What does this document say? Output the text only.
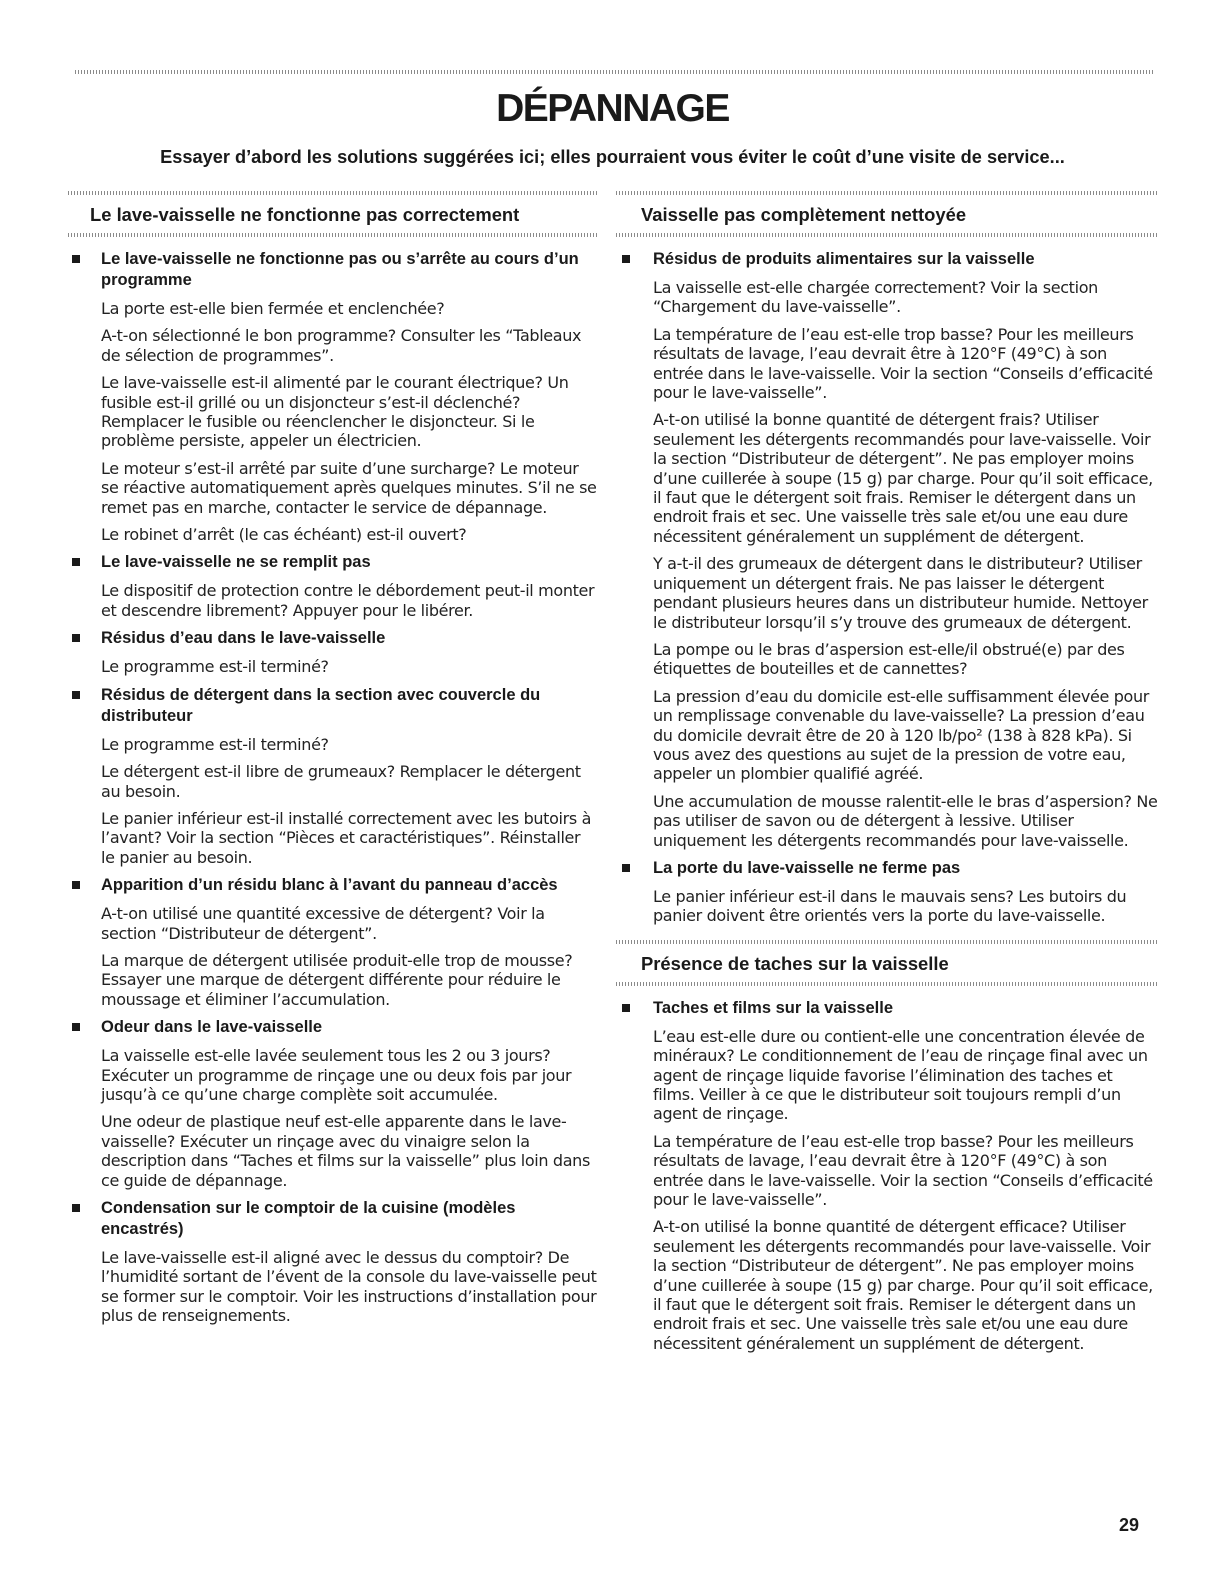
DÉPANNAGE
Essayer d’abord les solutions suggérées ici; elles pourraient vous éviter le coût d’une visite de service...
Le lave-vaisselle ne fonctionne pas correctement
Le lave-vaisselle ne fonctionne pas ou s’arrête au cours d’un programme

La porte est-elle bien fermée et enclenchée?

A-t-on sélectionné le bon programme? Consulter les “Tableaux de sélection de programmes”.

Le lave-vaisselle est-il alimenté par le courant électrique? Un fusible est-il grillé ou un disjoncteur s’est-il déclenché? Remplacer le fusible ou réenclencher le disjoncteur. Si le problème persiste, appeler un électricien.

Le moteur s’est-il arrêté par suite d’une surcharge? Le moteur se réactive automatiquement après quelques minutes. S’il ne se remet pas en marche, contacter le service de dépannage.

Le robinet d’arrêt (le cas échéant) est-il ouvert?

Le lave-vaisselle ne se remplit pas

Le dispositif de protection contre le débordement peut-il monter et descendre librement? Appuyer pour le libérer.

Résidus d’eau dans le lave-vaisselle

Le programme est-il terminé?

Résidus de détergent dans la section avec couvercle du distributeur

Le programme est-il terminé?

Le détergent est-il libre de grumeaux? Remplacer le détergent au besoin.

Le panier inférieur est-il installé correctement avec les butoirs à l’avant? Voir la section “Pièces et caractéristiques”. Réinstaller le panier au besoin.

Apparition d’un résidu blanc à l’avant du panneau d’accès

A-t-on utilisé une quantité excessive de détergent? Voir la section “Distributeur de détergent”.

La marque de détergent utilisée produit-elle trop de mousse? Essayer une marque de détergent différente pour réduire le moussage et éliminer l’accumulation.

Odeur dans le lave-vaisselle

La vaisselle est-elle lavée seulement tous les 2 ou 3 jours? Exécuter un programme de rinçage une ou deux fois par jour jusqu’à ce qu’une charge complète soit accumulée.

Une odeur de plastique neuf est-elle apparente dans le lave-vaisselle? Exécuter un rinçage avec du vinaigre selon la description dans “Taches et films sur la vaisselle” plus loin dans ce guide de dépannage.

Condensation sur le comptoir de la cuisine (modèles encastrés)

Le lave-vaisselle est-il aligné avec le dessus du comptoir? De l’humidité sortant de l’évent de la console du lave-vaisselle peut se former sur le comptoir. Voir les instructions d’installation pour plus de renseignements.

Vaisselle pas complètement nettoyée
Résidus de produits alimentaires sur la vaisselle

La vaisselle est-elle chargée correctement? Voir la section “Chargement du lave-vaisselle”.

La température de l’eau est-elle trop basse? Pour les meilleurs résultats de lavage, l’eau devrait être à 120°F (49°C) à son entrée dans le lave-vaisselle. Voir la section “Conseils d’efficacité pour le lave-vaisselle”.

A-t-on utilisé la bonne quantité de détergent frais? Utiliser seulement les détergents recommandés pour lave-vaisselle. Voir la section “Distributeur de détergent”. Ne pas employer moins d’une cuillerée à soupe (15 g) par charge. Pour qu’il soit efficace, il faut que le détergent soit frais. Remiser le détergent dans un endroit frais et sec. Une vaisselle très sale et/ou une eau dure nécessitent généralement un supplément de détergent.

Y a-t-il des grumeaux de détergent dans le distributeur? Utiliser uniquement un détergent frais. Ne pas laisser le détergent pendant plusieurs heures dans un distributeur humide. Nettoyer le distributeur lorsqu’il s’y trouve des grumeaux de détergent.

La pompe ou le bras d’aspersion est-elle/il obstrué(e) par des étiquettes de bouteilles et de cannettes?

La pression d’eau du domicile est-elle suffisamment élevée pour un remplissage convenable du lave-vaisselle? La pression d’eau du domicile devrait être de 20 à 120 lb/po² (138 à 828 kPa). Si vous avez des questions au sujet de la pression de votre eau, appeler un plombier qualifié agréé.

Une accumulation de mousse ralentit-elle le bras d’aspersion? Ne pas utiliser de savon ou de détergent à lessive. Utiliser uniquement les détergents recommandés pour lave-vaisselle.

La porte du lave-vaisselle ne ferme pas

Le panier inférieur est-il dans le mauvais sens? Les butoirs du panier doivent être orientés vers la porte du lave-vaisselle.

Présence de taches sur la vaisselle
Taches et films sur la vaisselle

L’eau est-elle dure ou contient-elle une concentration élevée de minéraux? Le conditionnement de l’eau de rinçage final avec un agent de rinçage liquide favorise l’élimination des taches et films. Veiller à ce que le distributeur soit toujours rempli d’un agent de rinçage.

La température de l’eau est-elle trop basse? Pour les meilleurs résultats de lavage, l’eau devrait être à 120°F (49°C) à son entrée dans le lave-vaisselle. Voir la section “Conseils d’efficacité pour le lave-vaisselle”.

A-t-on utilisé la bonne quantité de détergent efficace? Utiliser seulement les détergents recommandés pour lave-vaisselle. Voir la section “Distributeur de détergent”. Ne pas employer moins d’une cuillerée à soupe (15 g) par charge. Pour qu’il soit efficace, il faut que le détergent soit frais. Remiser le détergent dans un endroit frais et sec. Une vaisselle très sale et/ou une eau dure nécessitent généralement un supplément de détergent.

29
